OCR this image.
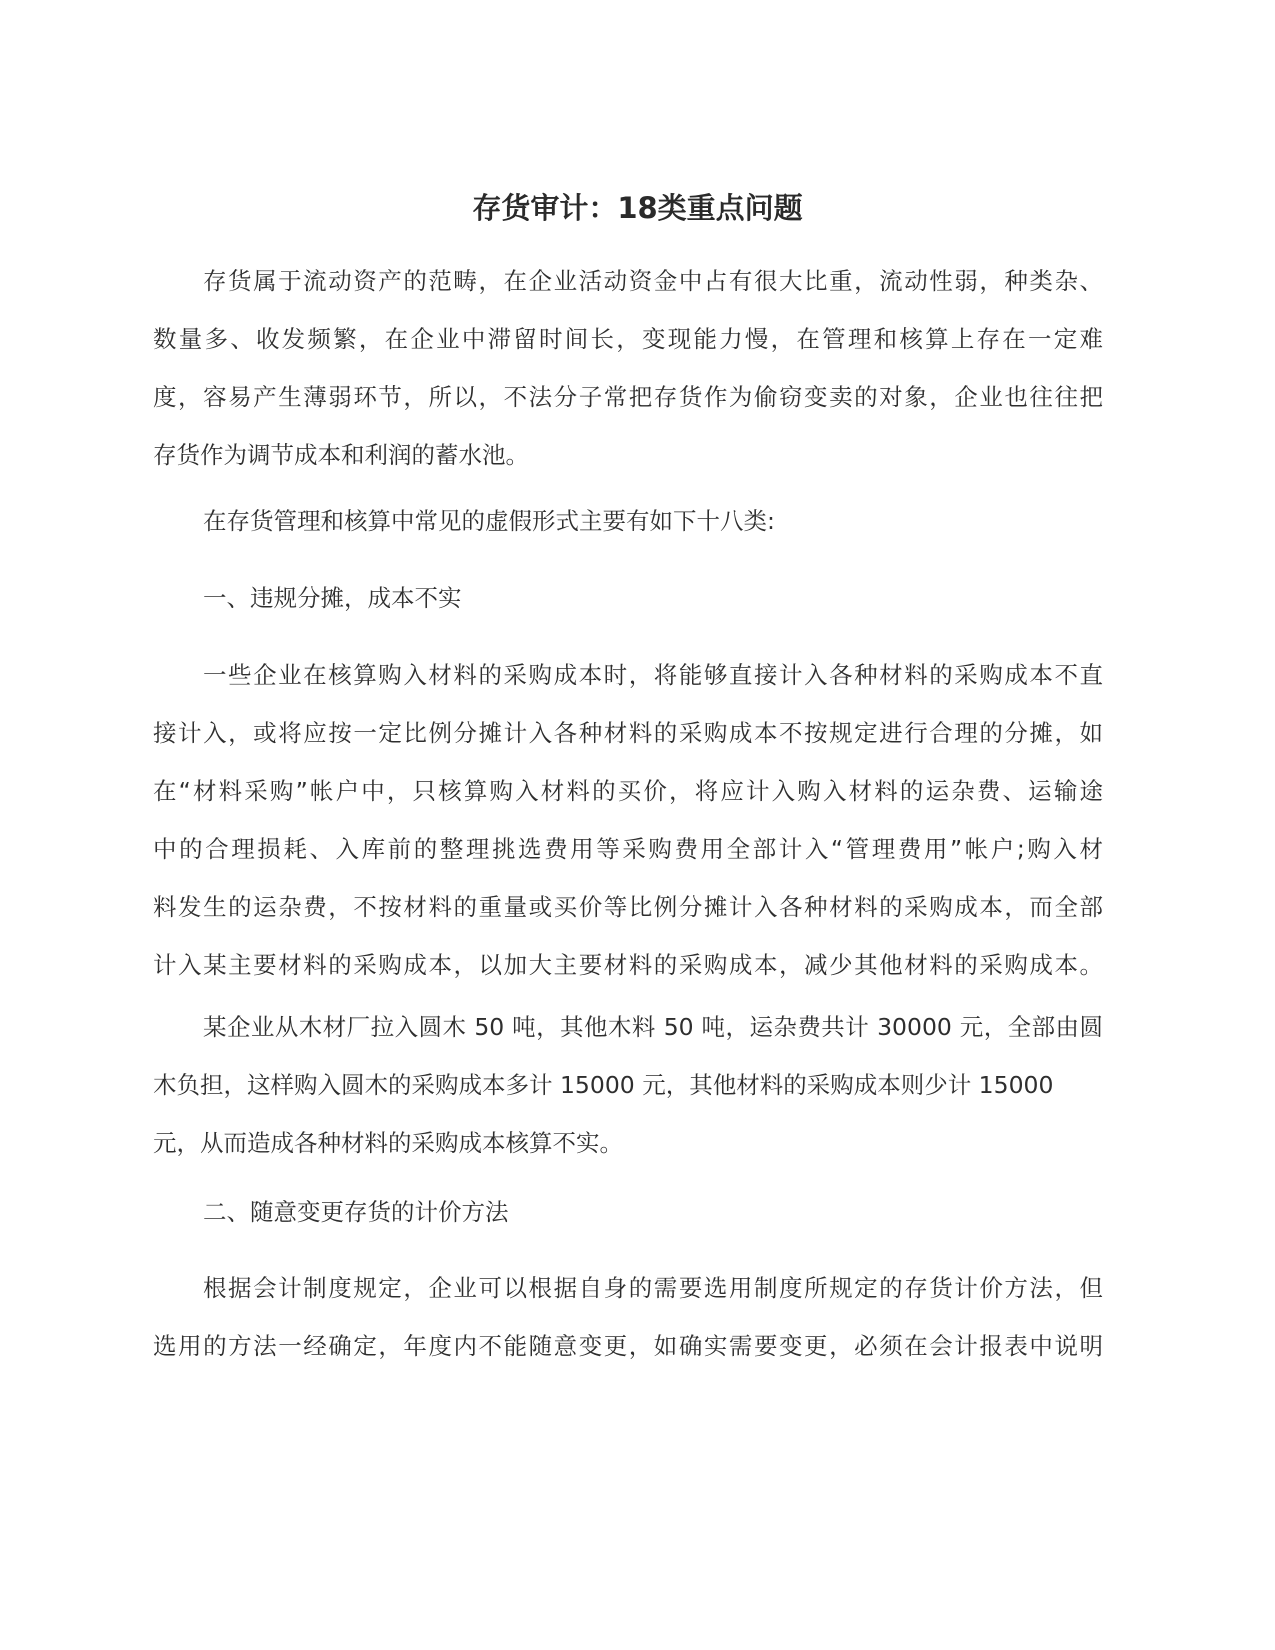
存货审计：18类重点问题
存货属于流动资产的范畴，在企业活动资金中占有很大比重，流动性弱，种类杂、
数量多、收发频繁，在企业中滞留时间长，变现能力慢，在管理和核算上存在一定难
度，容易产生薄弱环节，所以，不法分子常把存货作为偷窃变卖的对象，企业也往往把
存货作为调节成本和利润的蓄水池。
在存货管理和核算中常见的虚假形式主要有如下十八类:
一、违规分摊，成本不实
一些企业在核算购入材料的采购成本时，将能够直接计入各种材料的采购成本不直
接计入，或将应按一定比例分摊计入各种材料的采购成本不按规定进行合理的分摊，如
在“材料采购”帐户中，只核算购入材料的买价，将应计入购入材料的运杂费、运输途
中的合理损耗、入库前的整理挑选费用等采购费用全部计入“管理费用”帐户;购入材
料发生的运杂费，不按材料的重量或买价等比例分摊计入各种材料的采购成本，而全部
计入某主要材料的采购成本，以加大主要材料的采购成本，减少其他材料的采购成本。
某企业从木材厂拉入圆木 50 吨，其他木料 50 吨，运杂费共计 30000 元，全部由圆
木负担，这样购入圆木的采购成本多计 15000 元，其他材料的采购成本则少计 15000
元，从而造成各种材料的采购成本核算不实。
二、随意变更存货的计价方法
根据会计制度规定，企业可以根据自身的需要选用制度所规定的存货计价方法，但
选用的方法一经确定，年度内不能随意变更，如确实需要变更，必须在会计报表中说明
